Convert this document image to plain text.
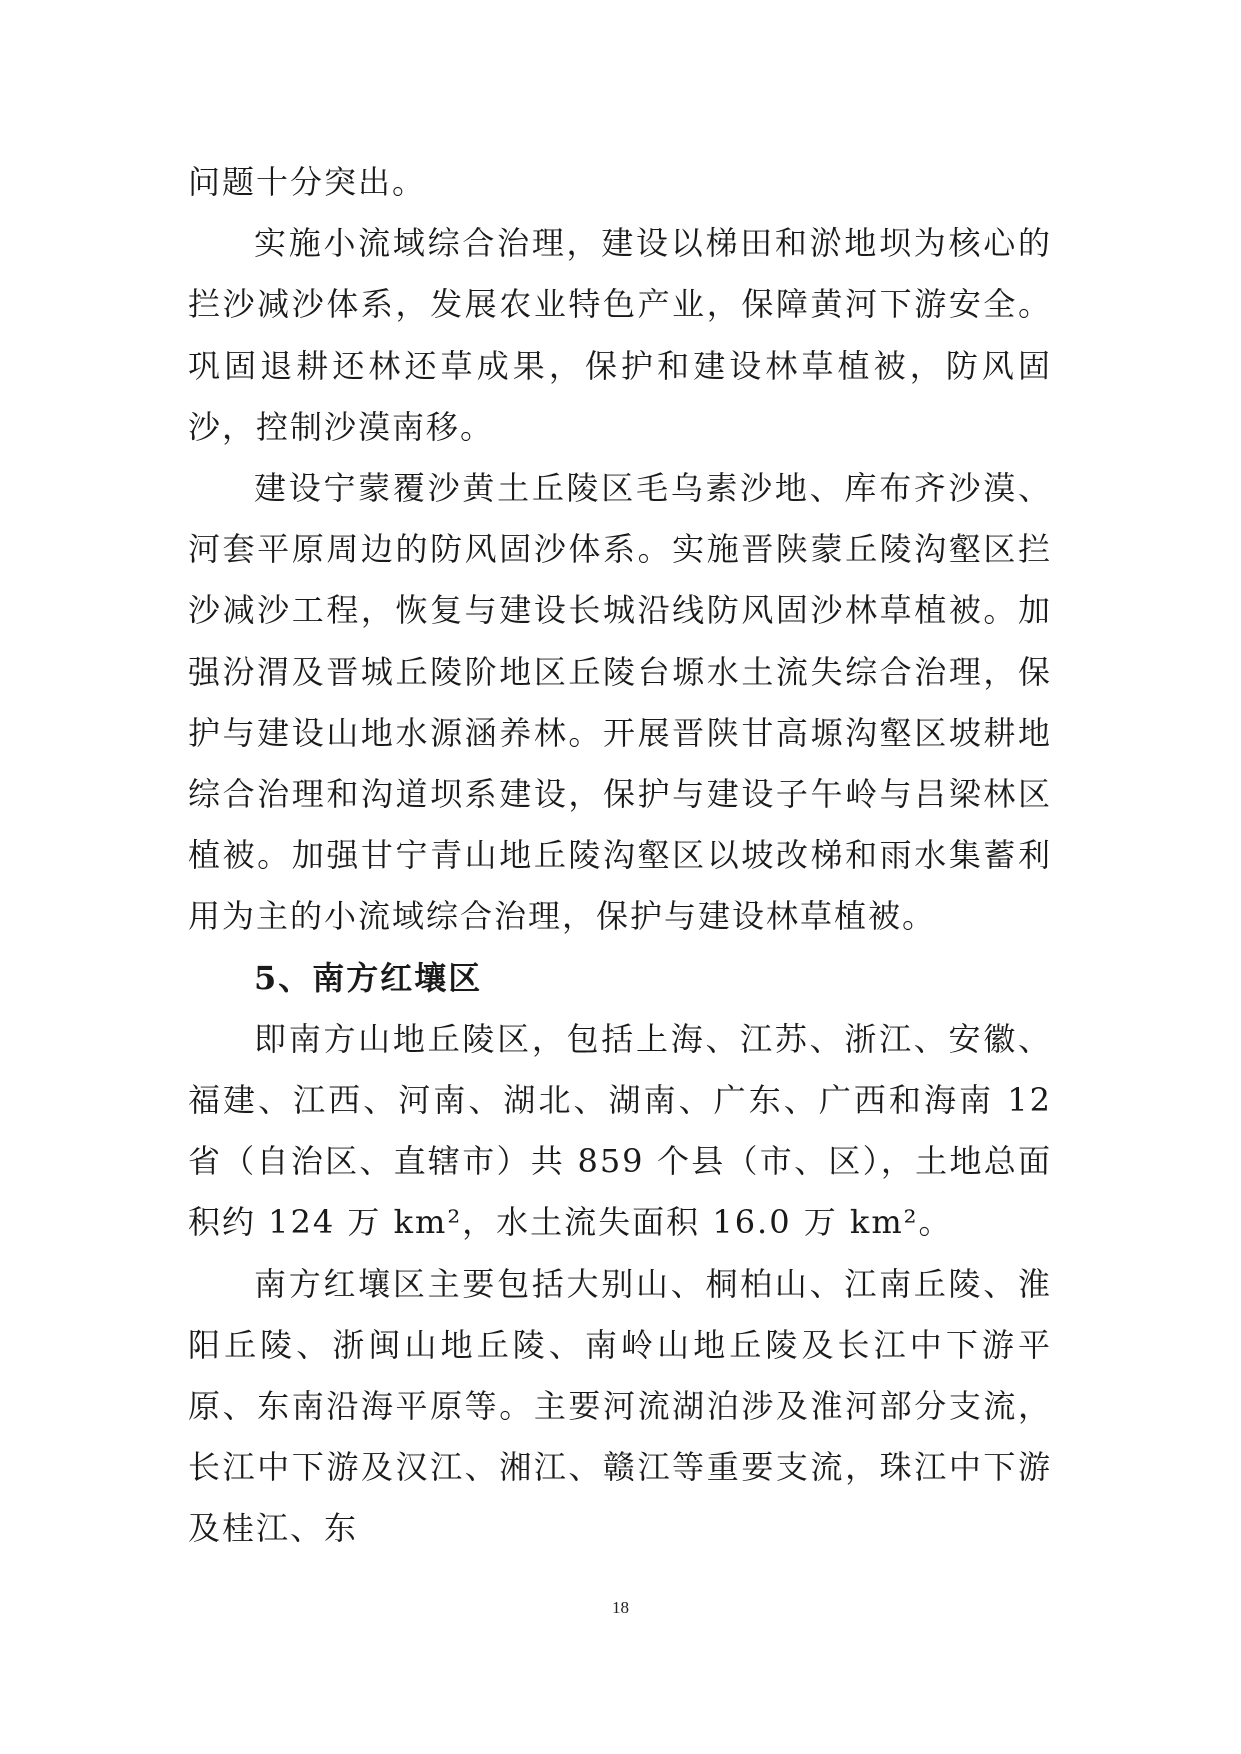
问题十分突出。

实施小流域综合治理，建设以梯田和淤地坝为核心的拦沙减沙体系，发展农业特色产业，保障黄河下游安全。巩固退耕还林还草成果，保护和建设林草植被，防风固沙，控制沙漠南移。

建设宁蒙覆沙黄土丘陵区毛乌素沙地、库布齐沙漠、河套平原周边的防风固沙体系。实施晋陕蒙丘陵沟壑区拦沙减沙工程，恢复与建设长城沿线防风固沙林草植被。加强汾渭及晋城丘陵阶地区丘陵台塬水土流失综合治理，保护与建设山地水源涵养林。开展晋陕甘高塬沟壑区坡耕地综合治理和沟道坝系建设，保护与建设子午岭与吕梁林区植被。加强甘宁青山地丘陵沟壑区以坡改梯和雨水集蓄利用为主的小流域综合治理，保护与建设林草植被。

5、南方红壤区

即南方山地丘陵区，包括上海、江苏、浙江、安徽、福建、江西、河南、湖北、湖南、广东、广西和海南 12 省（自治区、直辖市）共 859 个县（市、区），土地总面积约 124 万 km²，水土流失面积 16.0 万 km²。

南方红壤区主要包括大别山、桐柏山、江南丘陵、淮阳丘陵、浙闽山地丘陵、南岭山地丘陵及长江中下游平原、东南沿海平原等。主要河流湖泊涉及淮河部分支流，长江中下游及汉江、湘江、赣江等重要支流，珠江中下游及桂江、东

18
